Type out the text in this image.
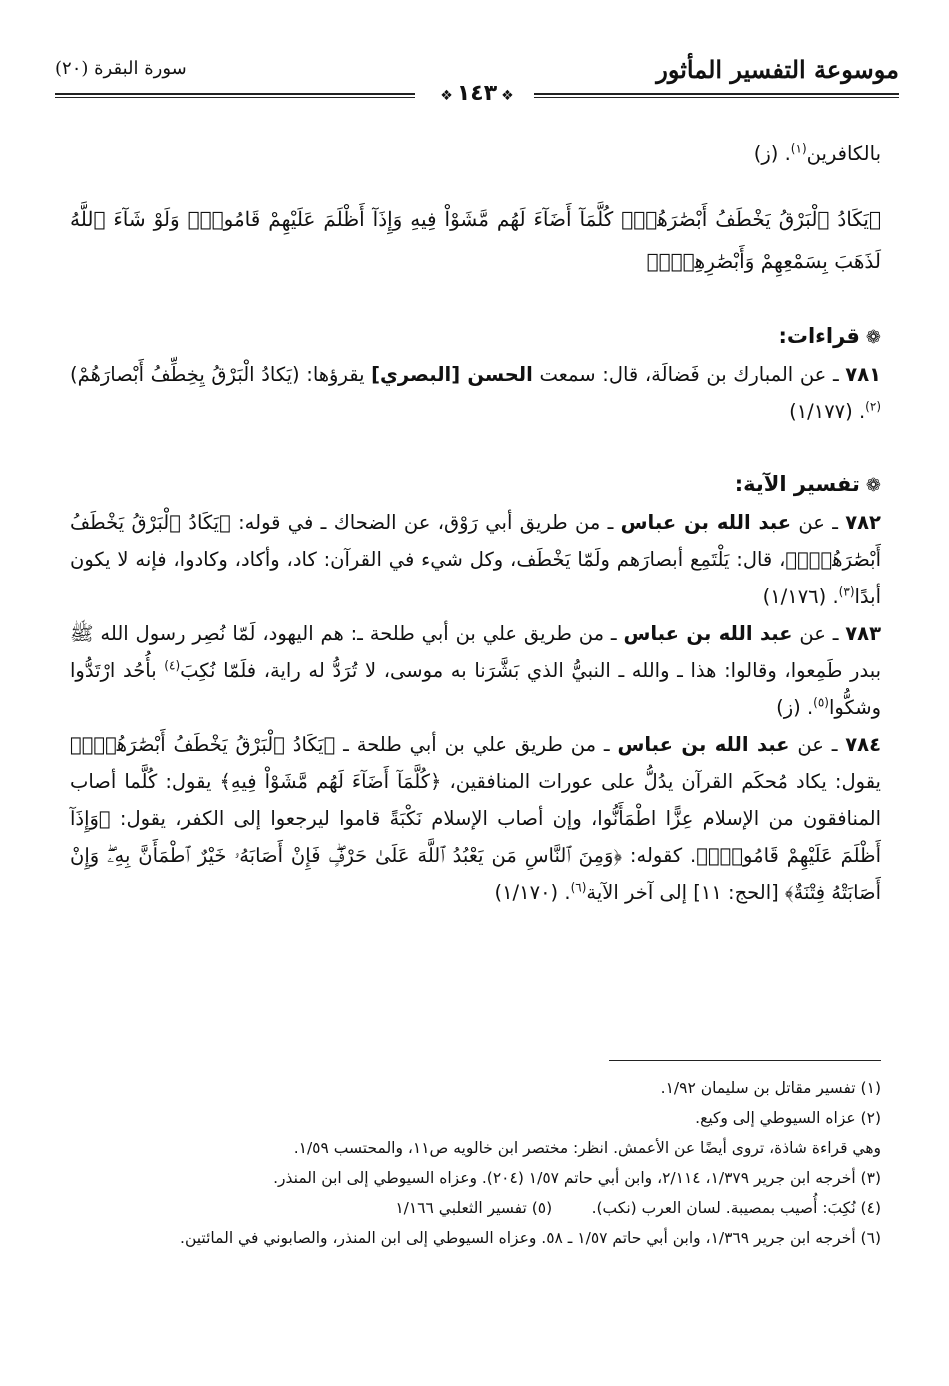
موسوعة التفسير المأثور
سورة البقرة (٢٠)
❖١٤٣❖

بالكافرين$^{(١)}$. (ز)

﴿يَكَادُ ٱلْبَرْقُ يَخْطَفُ أَبْصَٰرَهُمْۖ كُلَّمَآ أَضَآءَ لَهُم مَّشَوْاْ فِيهِ وَإِذَآ أَظْلَمَ عَلَيْهِمْ قَامُواْۚ وَلَوْ شَآءَ ٱللَّهُ لَذَهَبَ بِسَمْعِهِمْ وَأَبْصَٰرِهِمْۚ﴾

❁قراءات:

٧٨١ ـ عن المبارك بن فَضالَة، قال: سمعت الحسن [البصري] يقرؤها: (يَكادُ الْبَرْقُ يِخِطِّفُ أَبْصارَهُمْ)$^{(٢)}$. (١/١٧٧)

❁تفسير الآية:

٧٨٢ ـ عن عبد الله بن عباس ـ من طريق أبي رَوْق، عن الضحاك ـ في قوله: ﴿يَكَادُ ٱلْبَرْقُ يَخْطَفُ أَبْصَٰرَهُمْۖ﴾، قال: يَلْتَمِع أبصارَهم ولَمّا يَخْطَف، وكل شيء في القرآن: كاد، وأكاد، وكادوا، فإنه لا يكون أبدًا$^{(٣)}$. (١/١٧٦)
٧٨٣ ـ عن عبد الله بن عباس ـ من طريق علي بن أبي طلحة ـ: هم اليهود، لَمّا نُصِر رسول الله ﷺ ببدر طَمِعوا، وقالوا: هذا ـ والله ـ النبيُّ الذي بَشَّرَنا به موسى، لا تُرَدُّ له راية، فلَمّا نُكِبَ$^{(٤)}$ بأُحُد ارْتَدُّوا وشكُّوا$^{(٥)}$. (ز)
٧٨٤ ـ عن عبد الله بن عباس ـ من طريق علي بن أبي طلحة ـ ﴿يَكَادُ ٱلْبَرْقُ يَخْطَفُ أَبْصَٰرَهُمْۖ﴾ يقول: يكاد مُحكَم القرآن يدُلُّ على عورات المنافقين، ﴿كُلَّمَآ أَضَآءَ لَهُم مَّشَوْاْ فِيهِ﴾ يقول: كُلَّما أصاب المنافقون من الإسلام عِزًّا اطْمَأَنُّوا، وإن أصاب الإسلام نَكْبَةً قاموا ليرجعوا إلى الكفر، يقول: ﴿وَإِذَآ أَظْلَمَ عَلَيْهِمْ قَامُواْۚ﴾. كقوله: ﴿وَمِنَ ٱلنَّاسِ مَن يَعْبُدُ ٱللَّهَ عَلَىٰ حَرْفٍۖ فَإِنْ أَصَابَهُۥ خَيْرٌ ٱطْمَأَنَّ بِهِۦۖ وَإِنْ أَصَابَتْهُ فِتْنَةٌ﴾ [الحج: ١١] إلى آخر الآية$^{(٦)}$. (١/١٧٠)

(١) تفسير مقاتل بن سليمان ١/٩٢.

(٢) عزاه السيوطي إلى وكيع.

وهي قراءة شاذة، تروى أيضًا عن الأعمش. انظر: مختصر ابن خالويه ص١١، والمحتسب ١/٥٩.

(٣) أخرجه ابن جرير ١/٣٧٩، ٢/١١٤، وابن أبي حاتم ١/٥٧ (٢٠٤). وعزاه السيوطي إلى ابن المنذر.

(٤) نُكِبَ: أُصيب بمصيبة. لسان العرب (نكب).        (٥) تفسير الثعلبي ١/١٦٦

(٦) أخرجه ابن جرير ١/٣٦٩، وابن أبي حاتم ١/٥٧ ـ ٥٨. وعزاه السيوطي إلى ابن المنذر، والصابوني في المائتين.
